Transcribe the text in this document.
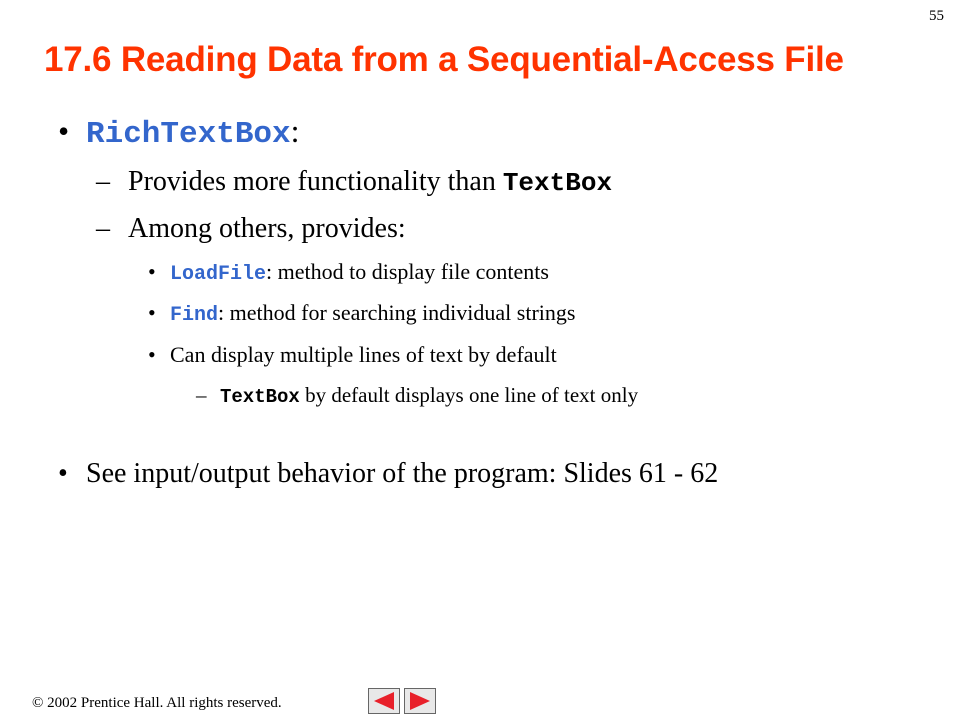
55
17.6 Reading Data from a Sequential-Access File
• RichTextBox:
– Provides more functionality than TextBox
– Among others, provides:
• LoadFile: method to display file contents
• Find: method for searching individual strings
• Can display multiple lines of text by default
– TextBox by default displays one line of text only
• See input/output behavior of the program: Slides 61 - 62
© 2002 Prentice Hall. All rights reserved.
